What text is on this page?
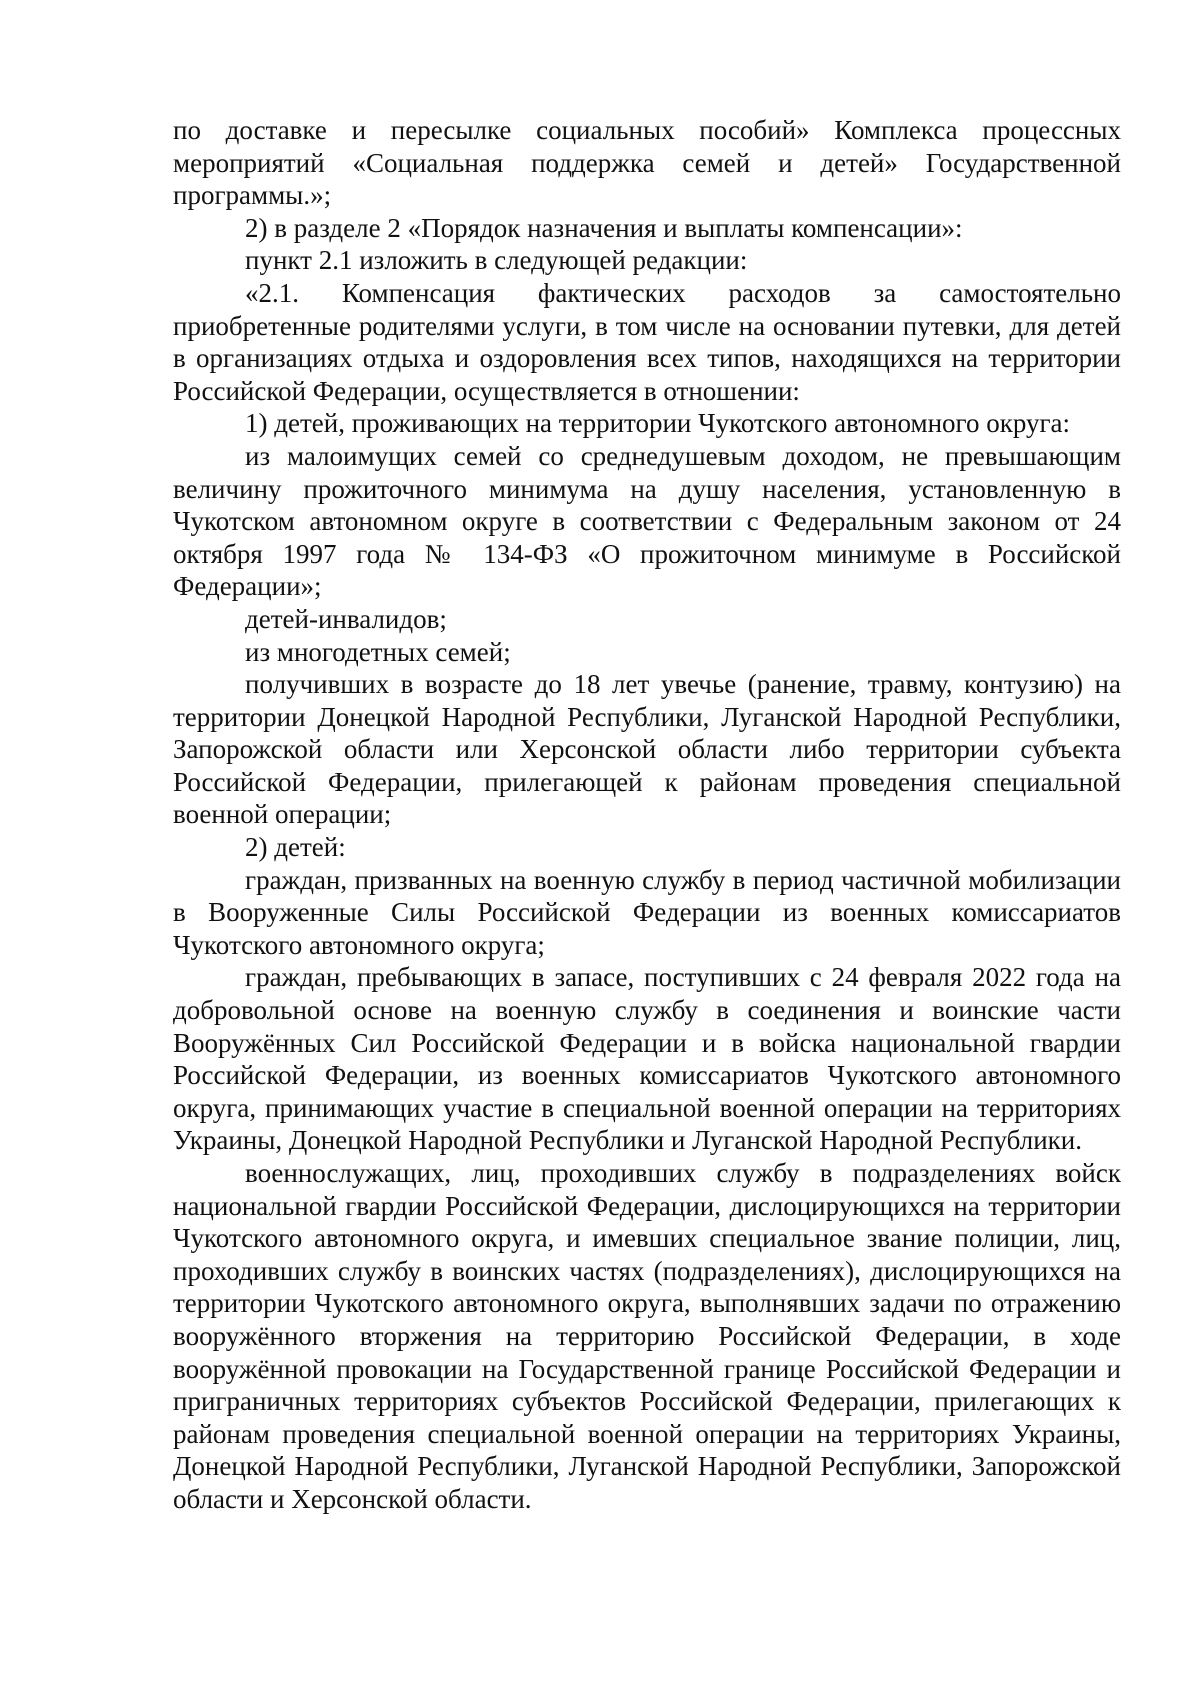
по доставке и пересылке социальных пособий» Комплекса процессных мероприятий «Социальная поддержка семей и детей» Государственной программы.»;

2) в разделе 2 «Порядок назначения и выплаты компенсации»:

пункт 2.1 изложить в следующей редакции:

«2.1. Компенсация фактических расходов за самостоятельно приобретенные родителями услуги, в том числе на основании путевки, для детей в организациях отдыха и оздоровления всех типов, находящихся на территории Российской Федерации, осуществляется в отношении:

1) детей, проживающих на территории Чукотского автономного округа:

из малоимущих семей со среднедушевым доходом, не превышающим величину прожиточного минимума на душу населения, установленную в Чукотском автономном округе в соответствии с Федеральным законом от 24 октября 1997 года № 134-ФЗ «О прожиточном минимуме в Российской Федерации»;

детей-инвалидов;

из многодетных семей;

получивших в возрасте до 18 лет увечье (ранение, травму, контузию) на территории Донецкой Народной Республики, Луганской Народной Республики, Запорожской области или Херсонской области либо территории субъекта Российской Федерации, прилегающей к районам проведения специальной военной операции;

2) детей:

граждан, призванных на военную службу в период частичной мобилизации в Вооруженные Силы Российской Федерации из военных комиссариатов Чукотского автономного округа;

граждан, пребывающих в запасе, поступивших с 24 февраля 2022 года на добровольной основе на военную службу в соединения и воинские части Вооружённых Сил Российской Федерации и в войска национальной гвардии Российской Федерации, из военных комиссариатов Чукотского автономного округа, принимающих участие в специальной военной операции на территориях Украины, Донецкой Народной Республики и Луганской Народной Республики.

военнослужащих, лиц, проходивших службу в подразделениях войск национальной гвардии Российской Федерации, дислоцирующихся на территории Чукотского автономного округа, и имевших специальное звание полиции, лиц, проходивших службу в воинских частях (подразделениях), дислоцирующихся на территории Чукотского автономного округа, выполнявших задачи по отражению вооружённого вторжения на территорию Российской Федерации, в ходе вооружённой провокации на Государственной границе Российской Федерации и приграничных территориях субъектов Российской Федерации, прилегающих к районам проведения специальной военной операции на территориях Украины, Донецкой Народной Республики, Луганской Народной Республики, Запорожской области и Херсонской области.
